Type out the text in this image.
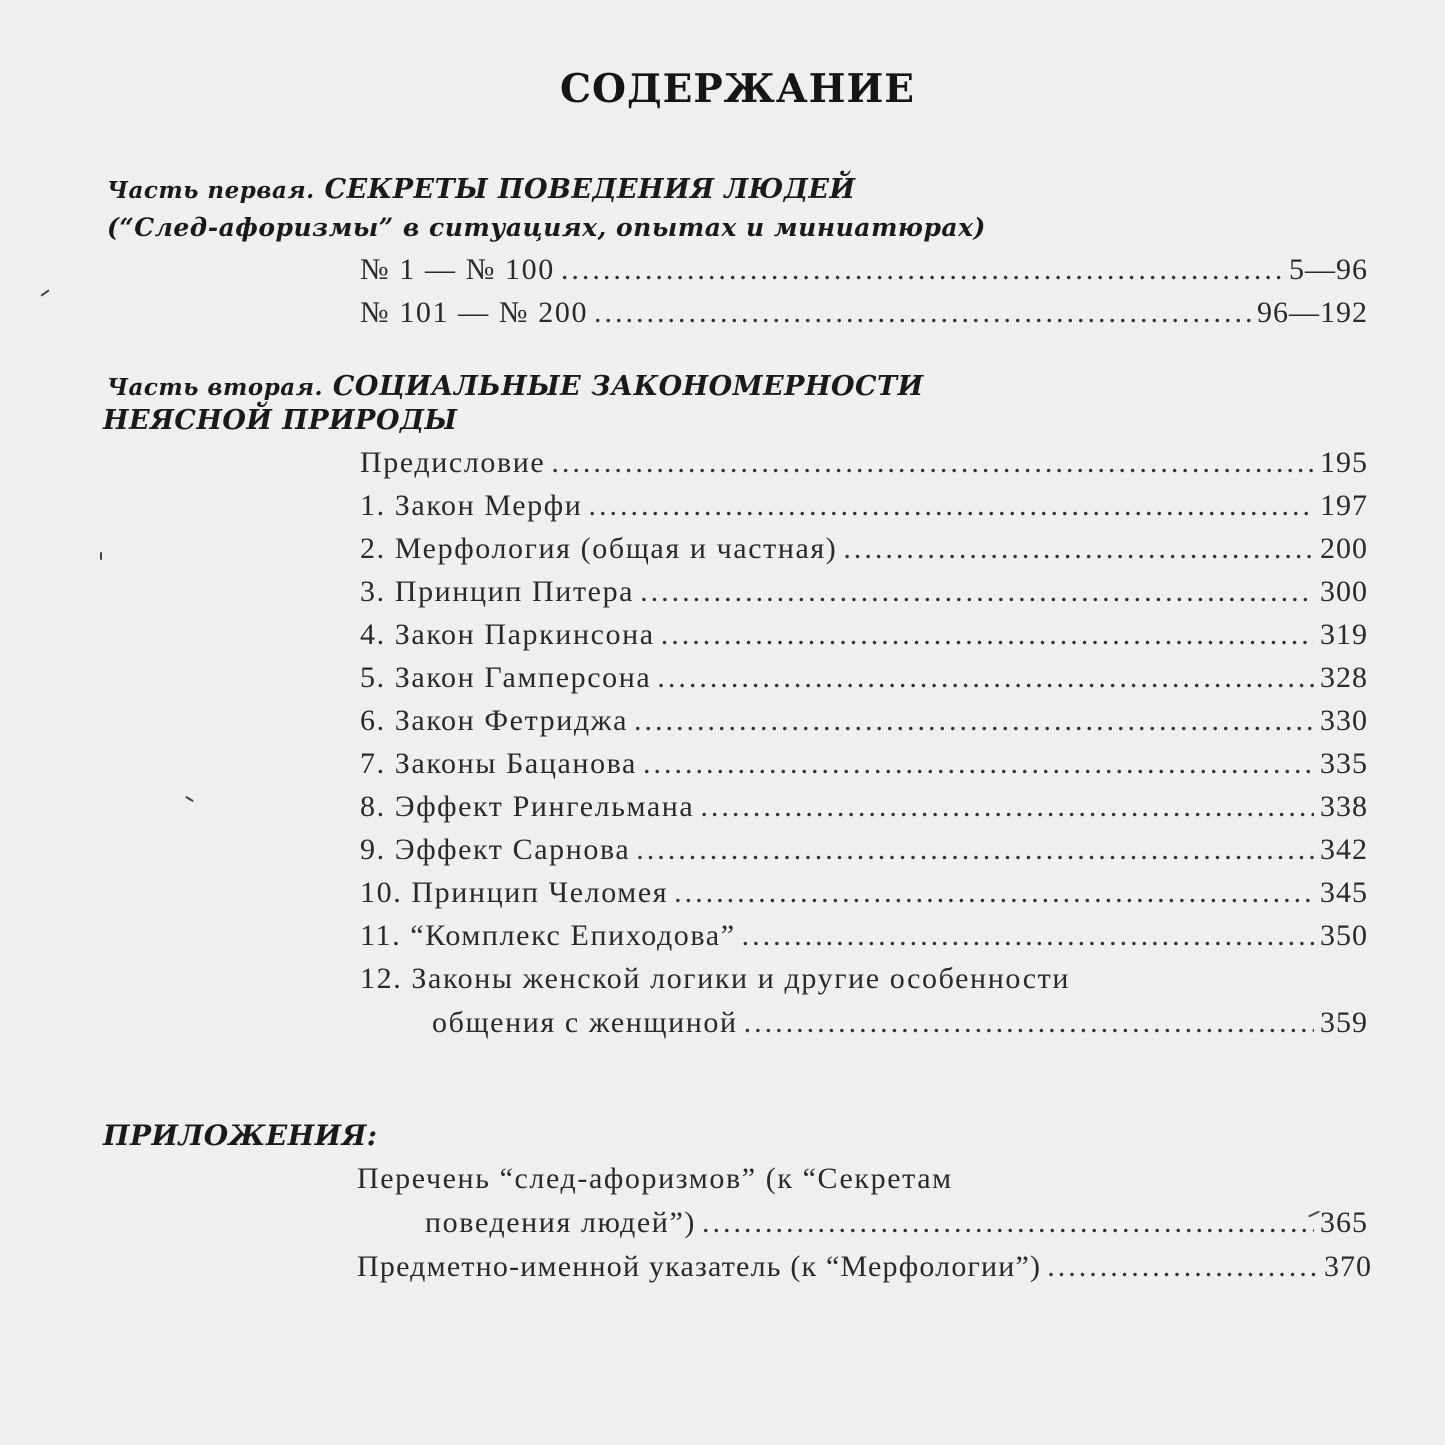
СОДЕРЖАНИЕ
Часть первая. СЕКРЕТЫ ПОВЕДЕНИЯ ЛЮДЕЙ
(“След-афоризмы” в ситуациях, опытах и миниатюрах)
№ 1 — № 100 .....	5—96
№ 101 — № 200 .....	96—192
Часть вторая. СОЦИАЛЬНЫЕ ЗАКОНОМЕРНОСТИ
НЕЯСНОЙ ПРИРОДЫ
Предисловие .....	195
1. Закон Мерфи .....	197
2. Мерфология (общая и частная) .....	200
3. Принцип Питера .....	300
4. Закон Паркинсона .....	319
5. Закон Гамперсона .....	328
6. Закон Фетриджа .....	330
7. Законы Бацанова .....	335
8. Эффект Рингельмана .....	338
9. Эффект Сарнова .....	342
10. Принцип Челомея .....	345
11. “Комплекс Епиходова” .....	350
12. Законы женской логики и другие особенности
общения с женщиной .....	359
ПРИЛОЖЕНИЯ:
Перечень “след-афоризмов” (к “Секретам
поведения людей”) .....	365
Предметно-именной указатель (к “Мерфологии”) .....	370
